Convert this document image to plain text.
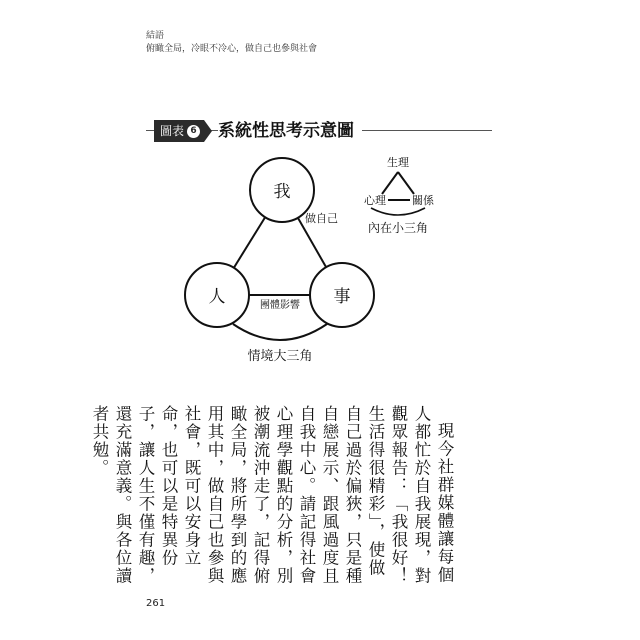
結語
俯瞰全局，冷眼不冷心，做自己也參與社會
圖表 6 系統性思考示意圖
我
人	事
做自己
團體影響
情境大三角
生理
心理 關係
內在小三角

現今社群媒體讓每個人都忙於自我展現，對觀眾報告：「我很好！生活得很精彩」，使做自己過於偏狹，只是種自戀展示、跟風過度且自我中心。請記得社會心理學觀點的分析，別被潮流沖走了，記得俯瞰全局，將所學到的應用其中，做自己也參與社會，既可以安身立命，也可以是特異份子，讓人生不僅有趣，還充滿意義。與各位讀者共勉。

261
